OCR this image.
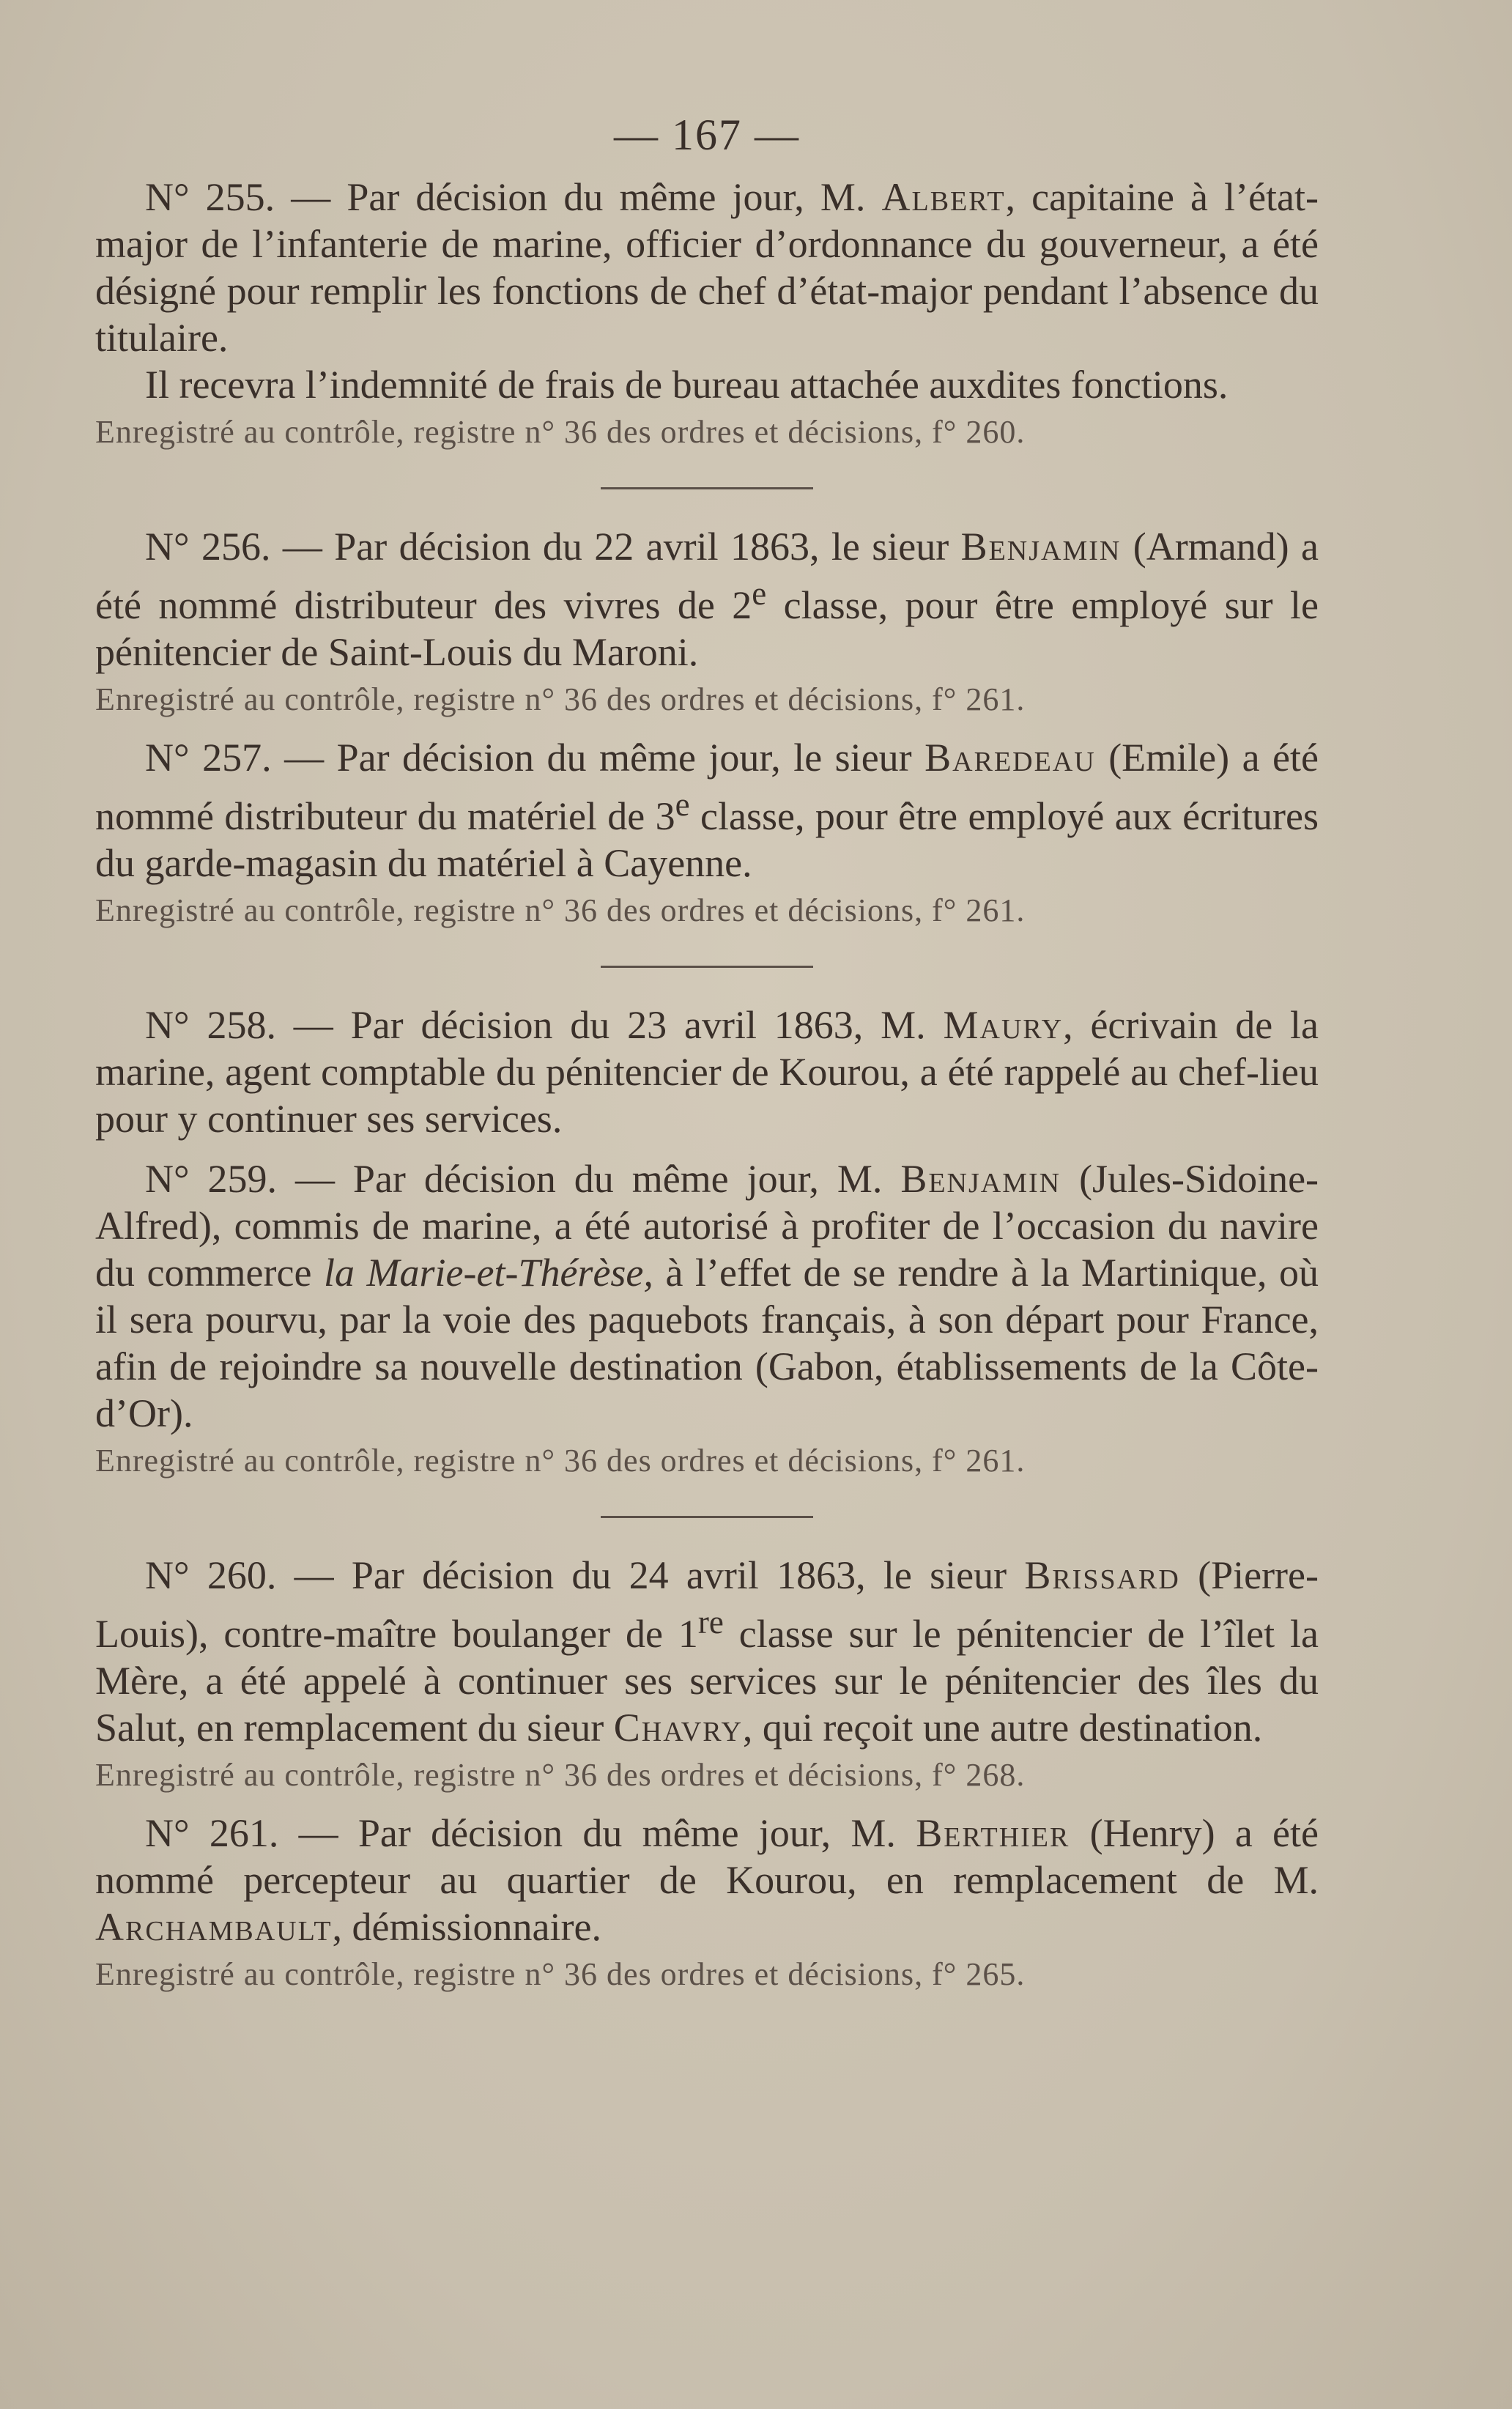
— 167 —

N° 255. — Par décision du même jour, M. Albert, capitaine à l’état-major de l’infanterie de marine, officier d’ordonnance du gouverneur, a été désigné pour remplir les fonctions de chef d’état-major pendant l’absence du titulaire.

Il recevra l’indemnité de frais de bureau attachée auxdites fonctions.

Enregistré au contrôle, registre n° 36 des ordres et décisions, f° 260.

N° 256. — Par décision du 22 avril 1863, le sieur Benjamin (Armand) a été nommé distributeur des vivres de 2e classe, pour être employé sur le pénitencier de Saint-Louis du Maroni.

Enregistré au contrôle, registre n° 36 des ordres et décisions, f° 261.

N° 257. — Par décision du même jour, le sieur Baredeau (Emile) a été nommé distributeur du matériel de 3e classe, pour être employé aux écritures du garde-magasin du matériel à Cayenne.

Enregistré au contrôle, registre n° 36 des ordres et décisions, f° 261.

N° 258. — Par décision du 23 avril 1863, M. Maury, écrivain de la marine, agent comptable du pénitencier de Kourou, a été rappelé au chef-lieu pour y continuer ses services.

N° 259. — Par décision du même jour, M. Benjamin (Jules-Sidoine-Alfred), commis de marine, a été autorisé à profiter de l’occasion du navire du commerce la Marie-et-Thérèse, à l’effet de se rendre à la Martinique, où il sera pourvu, par la voie des paquebots français, à son départ pour France, afin de rejoindre sa nouvelle destination (Gabon, établissements de la Côte-d’Or).

Enregistré au contrôle, registre n° 36 des ordres et décisions, f° 261.

N° 260. — Par décision du 24 avril 1863, le sieur Brissard (Pierre-Louis), contre-maître boulanger de 1re classe sur le pénitencier de l’îlet la Mère, a été appelé à continuer ses services sur le pénitencier des îles du Salut, en remplacement du sieur Chavry, qui reçoit une autre destination.

Enregistré au contrôle, registre n° 36 des ordres et décisions, f° 268.

N° 261. — Par décision du même jour, M. Berthier (Henry) a été nommé percepteur au quartier de Kourou, en remplacement de M. Archambault, démissionnaire.

Enregistré au contrôle, registre n° 36 des ordres et décisions, f° 265.
